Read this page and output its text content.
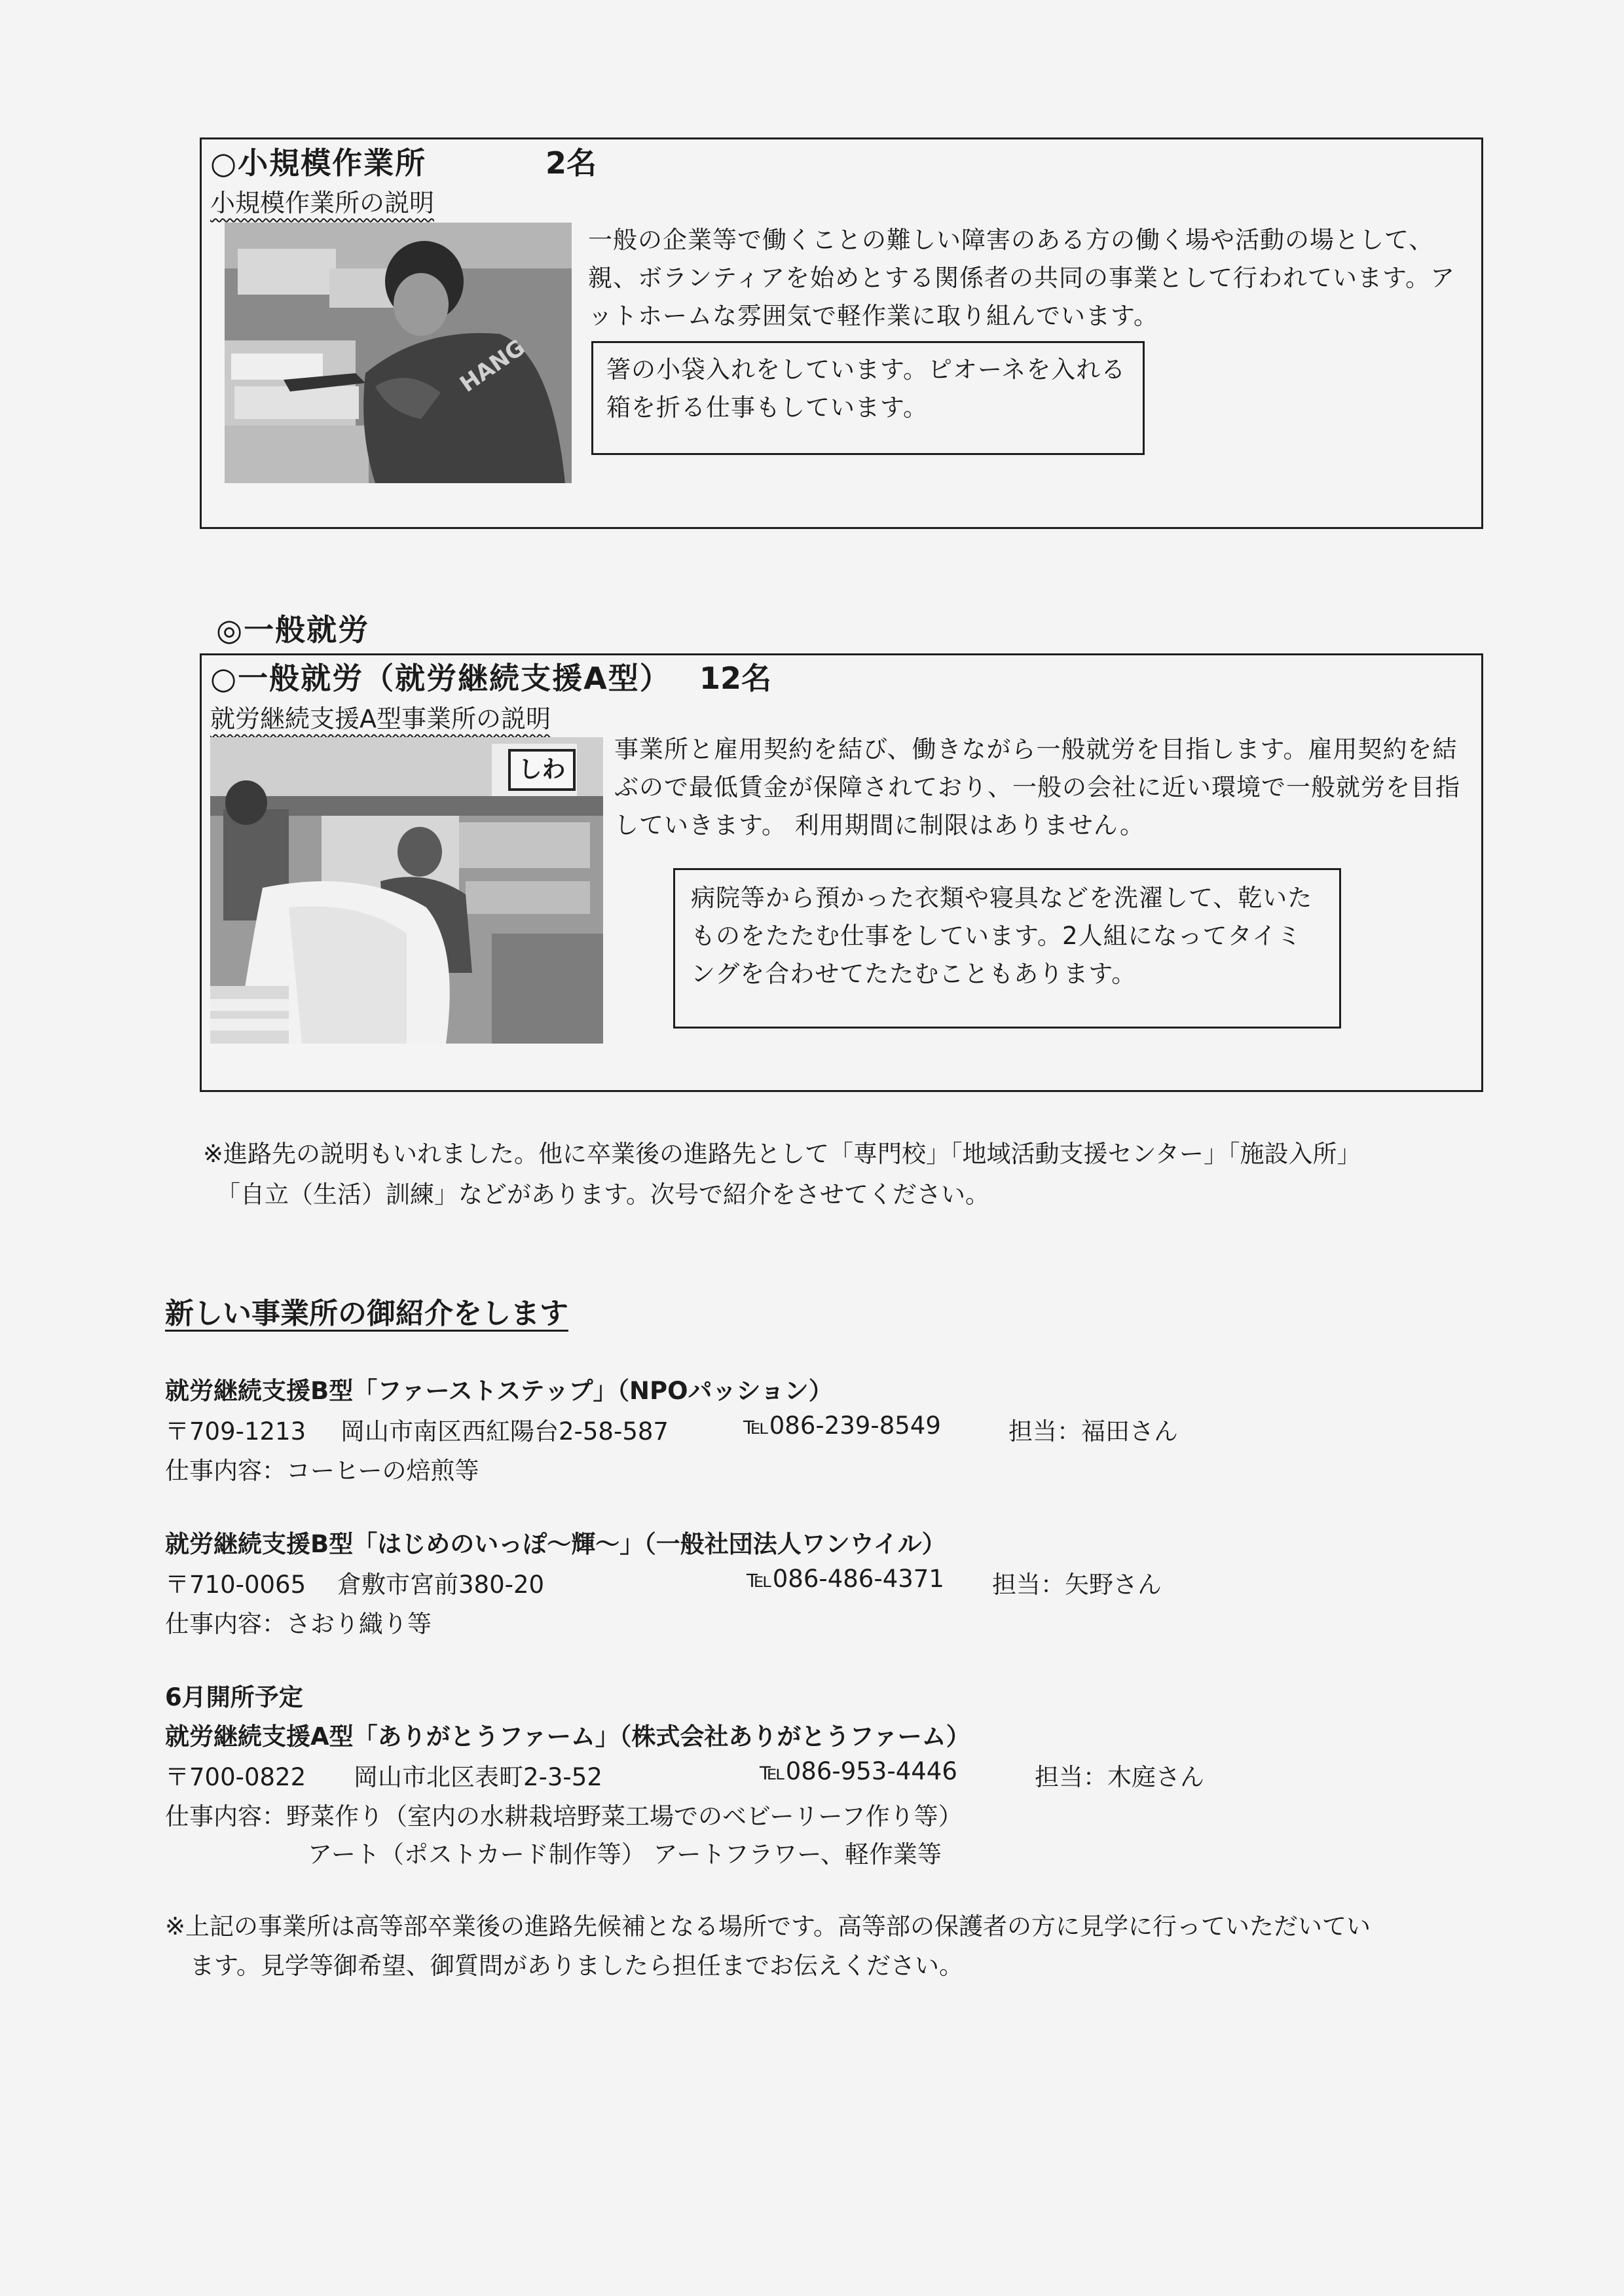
○小規模作業所	2名
小規模作業所の説明
HANG
一般の企業等で働くことの難しい障害のある方の働く場や活動の場として、親、ボランティアを始めとする関係者の共同の事業として行われています。アットホームな雰囲気で軽作業に取り組んでいます。
箸の小袋入れをしています。ピオーネを入れる箱を折る仕事もしています。
◎一般就労
○一般就労（就労継続支援A型） 12名
就労継続支援A型事業所の説明
しわ
事業所と雇用契約を結び、働きながら一般就労を目指します。雇用契約を結ぶので最低賃金が保障されており、一般の会社に近い環境で一般就労を目指していきます。 利用期間に制限はありません。
病院等から預かった衣類や寝具などを洗濯して、乾いたものをたたむ仕事をしています。2人組になってタイミングを合わせてたたむこともあります。
※進路先の説明もいれました。他に卒業後の進路先として「専門校」「地域活動支援センター」「施設入所」
「自立（生活）訓練」などがあります。次号で紹介をさせてください。
新しい事業所の御紹介をします
就労継続支援B型「ファーストステップ」（NPOパッション）
〒709-1213 岡山市南区西紅陽台2-58-587	℡086-239-8549	担当：福田さん
仕事内容：コーヒーの焙煎等
就労継続支援B型「はじめのいっぽ～輝～」（一般社団法人ワンウイル）
〒710-0065 倉敷市宮前380-20	℡086-486-4371 担当：矢野さん
仕事内容：さおり織り等
6月開所予定
就労継続支援A型「ありがとうファーム」（株式会社ありがとうファーム）
〒700-0822 岡山市北区表町2-3-52	℡086-953-4446	担当：木庭さん
仕事内容：野菜作り（室内の水耕栽培野菜工場でのベビーリーフ作り等）
アート（ポストカード制作等） アートフラワー、軽作業等
※上記の事業所は高等部卒業後の進路先候補となる場所です。高等部の保護者の方に見学に行っていただいてい
ます。見学等御希望、御質問がありましたら担任までお伝えください。
